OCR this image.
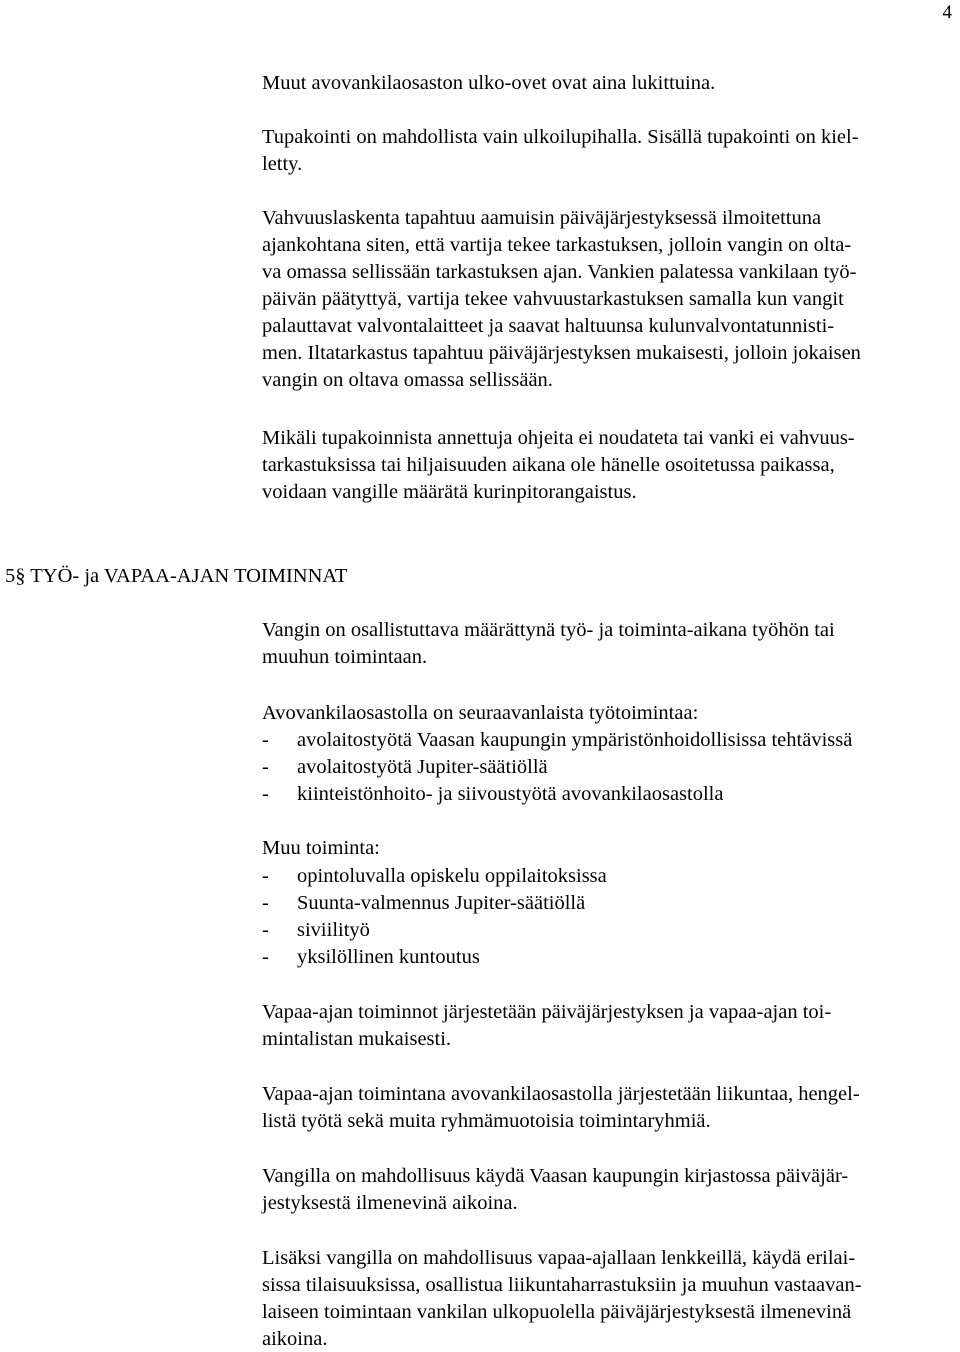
4
Muut avovankilaosaston ulko-ovet ovat aina lukittuina.
Tupakointi on mahdollista vain ulkoilupihalla. Sisällä tupakointi on kiel-
letty.
Vahvuuslaskenta tapahtuu aamuisin päiväjärjestyksessä ilmoitettuna
ajankohtana siten, että vartija tekee tarkastuksen, jolloin vangin on olta-
va omassa sellissään tarkastuksen ajan. Vankien palatessa vankilaan työ-
päivän päätyttyä, vartija tekee vahvuustarkastuksen samalla kun vangit
palauttavat valvontalaitteet ja saavat haltuunsa kulunvalvontatunnisti-
men. Iltatarkastus tapahtuu päiväjärjestyksen mukaisesti, jolloin jokaisen
vangin on oltava omassa sellissään.
Mikäli tupakoinnista annettuja ohjeita ei noudateta tai vanki ei vahvuus-
tarkastuksissa tai hiljaisuuden aikana ole hänelle osoitetussa paikassa,
voidaan vangille määrätä kurinpitorangaistus.
5§ TYÖ- ja VAPAA-AJAN TOIMINNAT
Vangin on osallistuttava määrättynä työ- ja toiminta-aikana työhön tai
muuhun toimintaan.
Avovankilaosastolla on seuraavanlaista työtoimintaa:
- avolaitostyötä Vaasan kaupungin ympäristönhoidollisissa tehtävissä
- avolaitostyötä Jupiter-säätiöllä
- kiinteistönhoito- ja siivoustyötä avovankilaosastolla
Muu toiminta:
- opintoluvalla opiskelu oppilaitoksissa
- Suunta-valmennus Jupiter-säätiöllä
- siviilityö
- yksilöllinen kuntoutus
Vapaa-ajan toiminnot järjestetään päiväjärjestyksen ja vapaa-ajan toi-
mintalistan mukaisesti.
Vapaa-ajan toimintana avovankilaosastolla järjestetään liikuntaa, hengel-
listä työtä sekä muita ryhmämuotoisia toimintaryhmiä.
Vangilla on mahdollisuus käydä Vaasan kaupungin kirjastossa päiväjär-
jestyksestä ilmenevinä aikoina.
Lisäksi vangilla on mahdollisuus vapaa-ajallaan lenkkeillä, käydä erilai-
sissa tilaisuuksissa, osallistua liikuntaharrastuksiin ja muuhun vastaavan-
laiseen toimintaan vankilan ulkopuolella päiväjärjestyksestä ilmenevinä
aikoina.
